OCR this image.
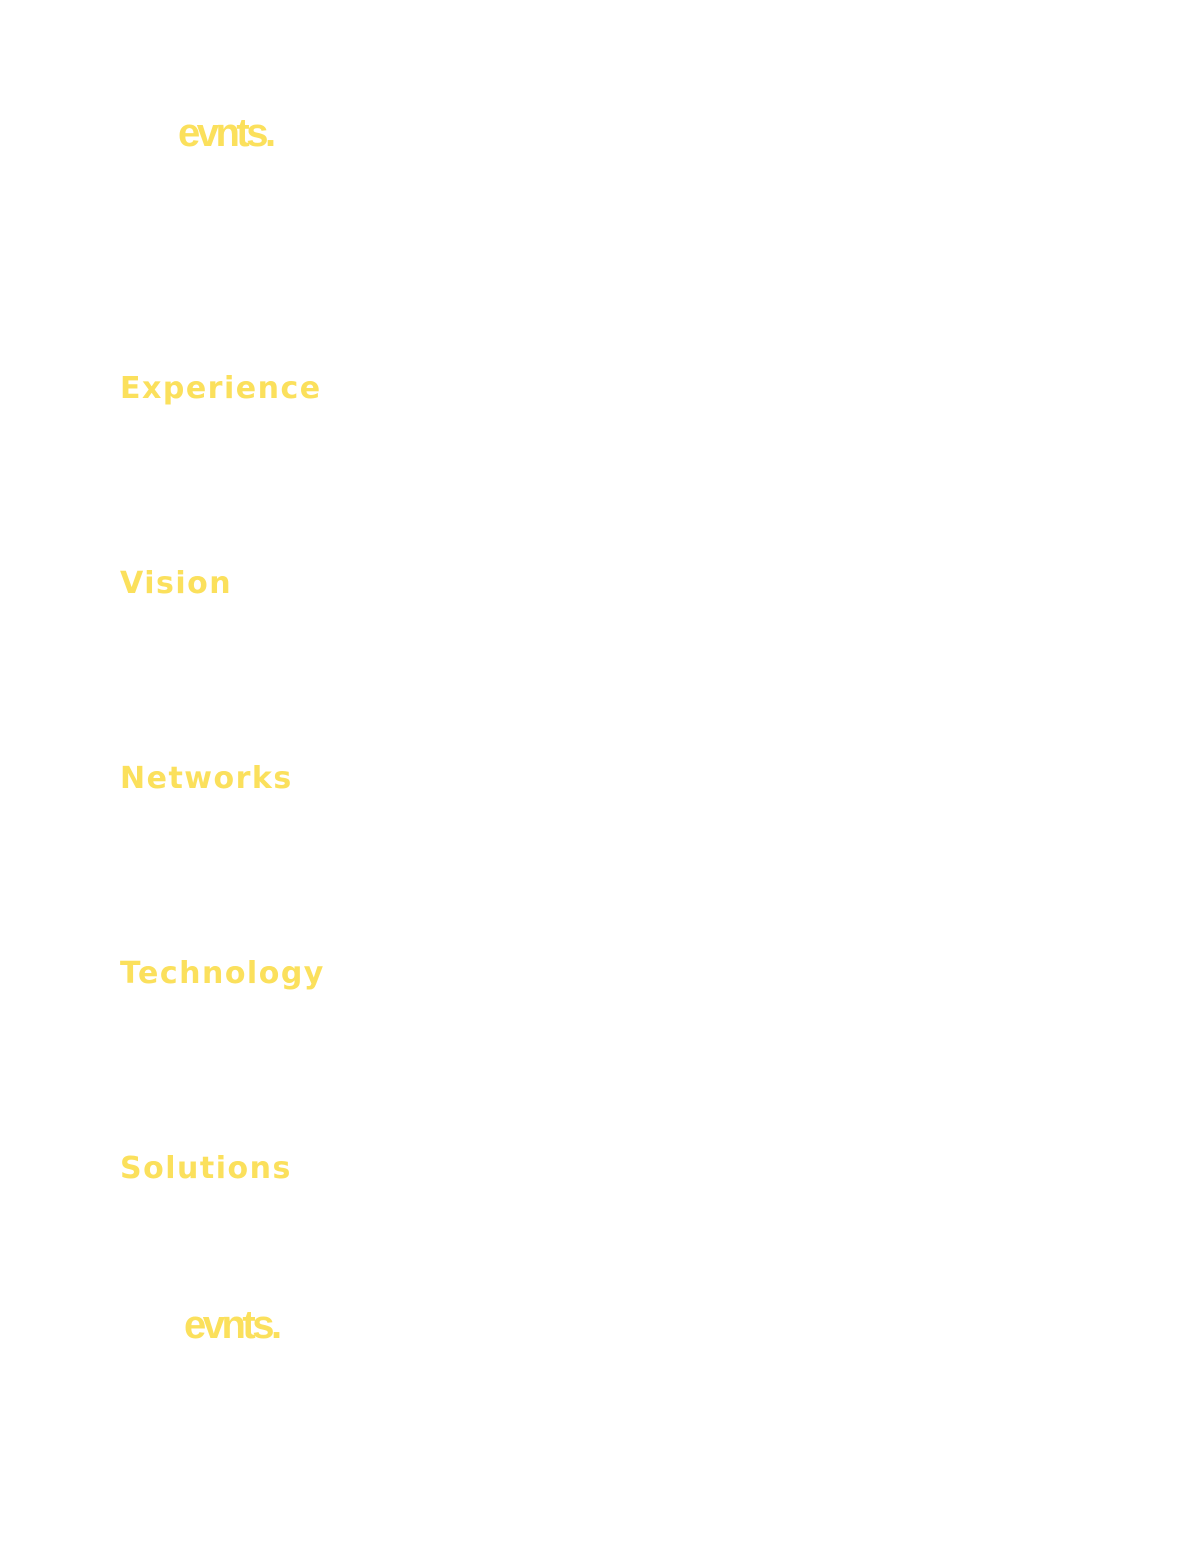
evnts.
Experience
Vision
Networks
Technology
Solutions
evnts.
